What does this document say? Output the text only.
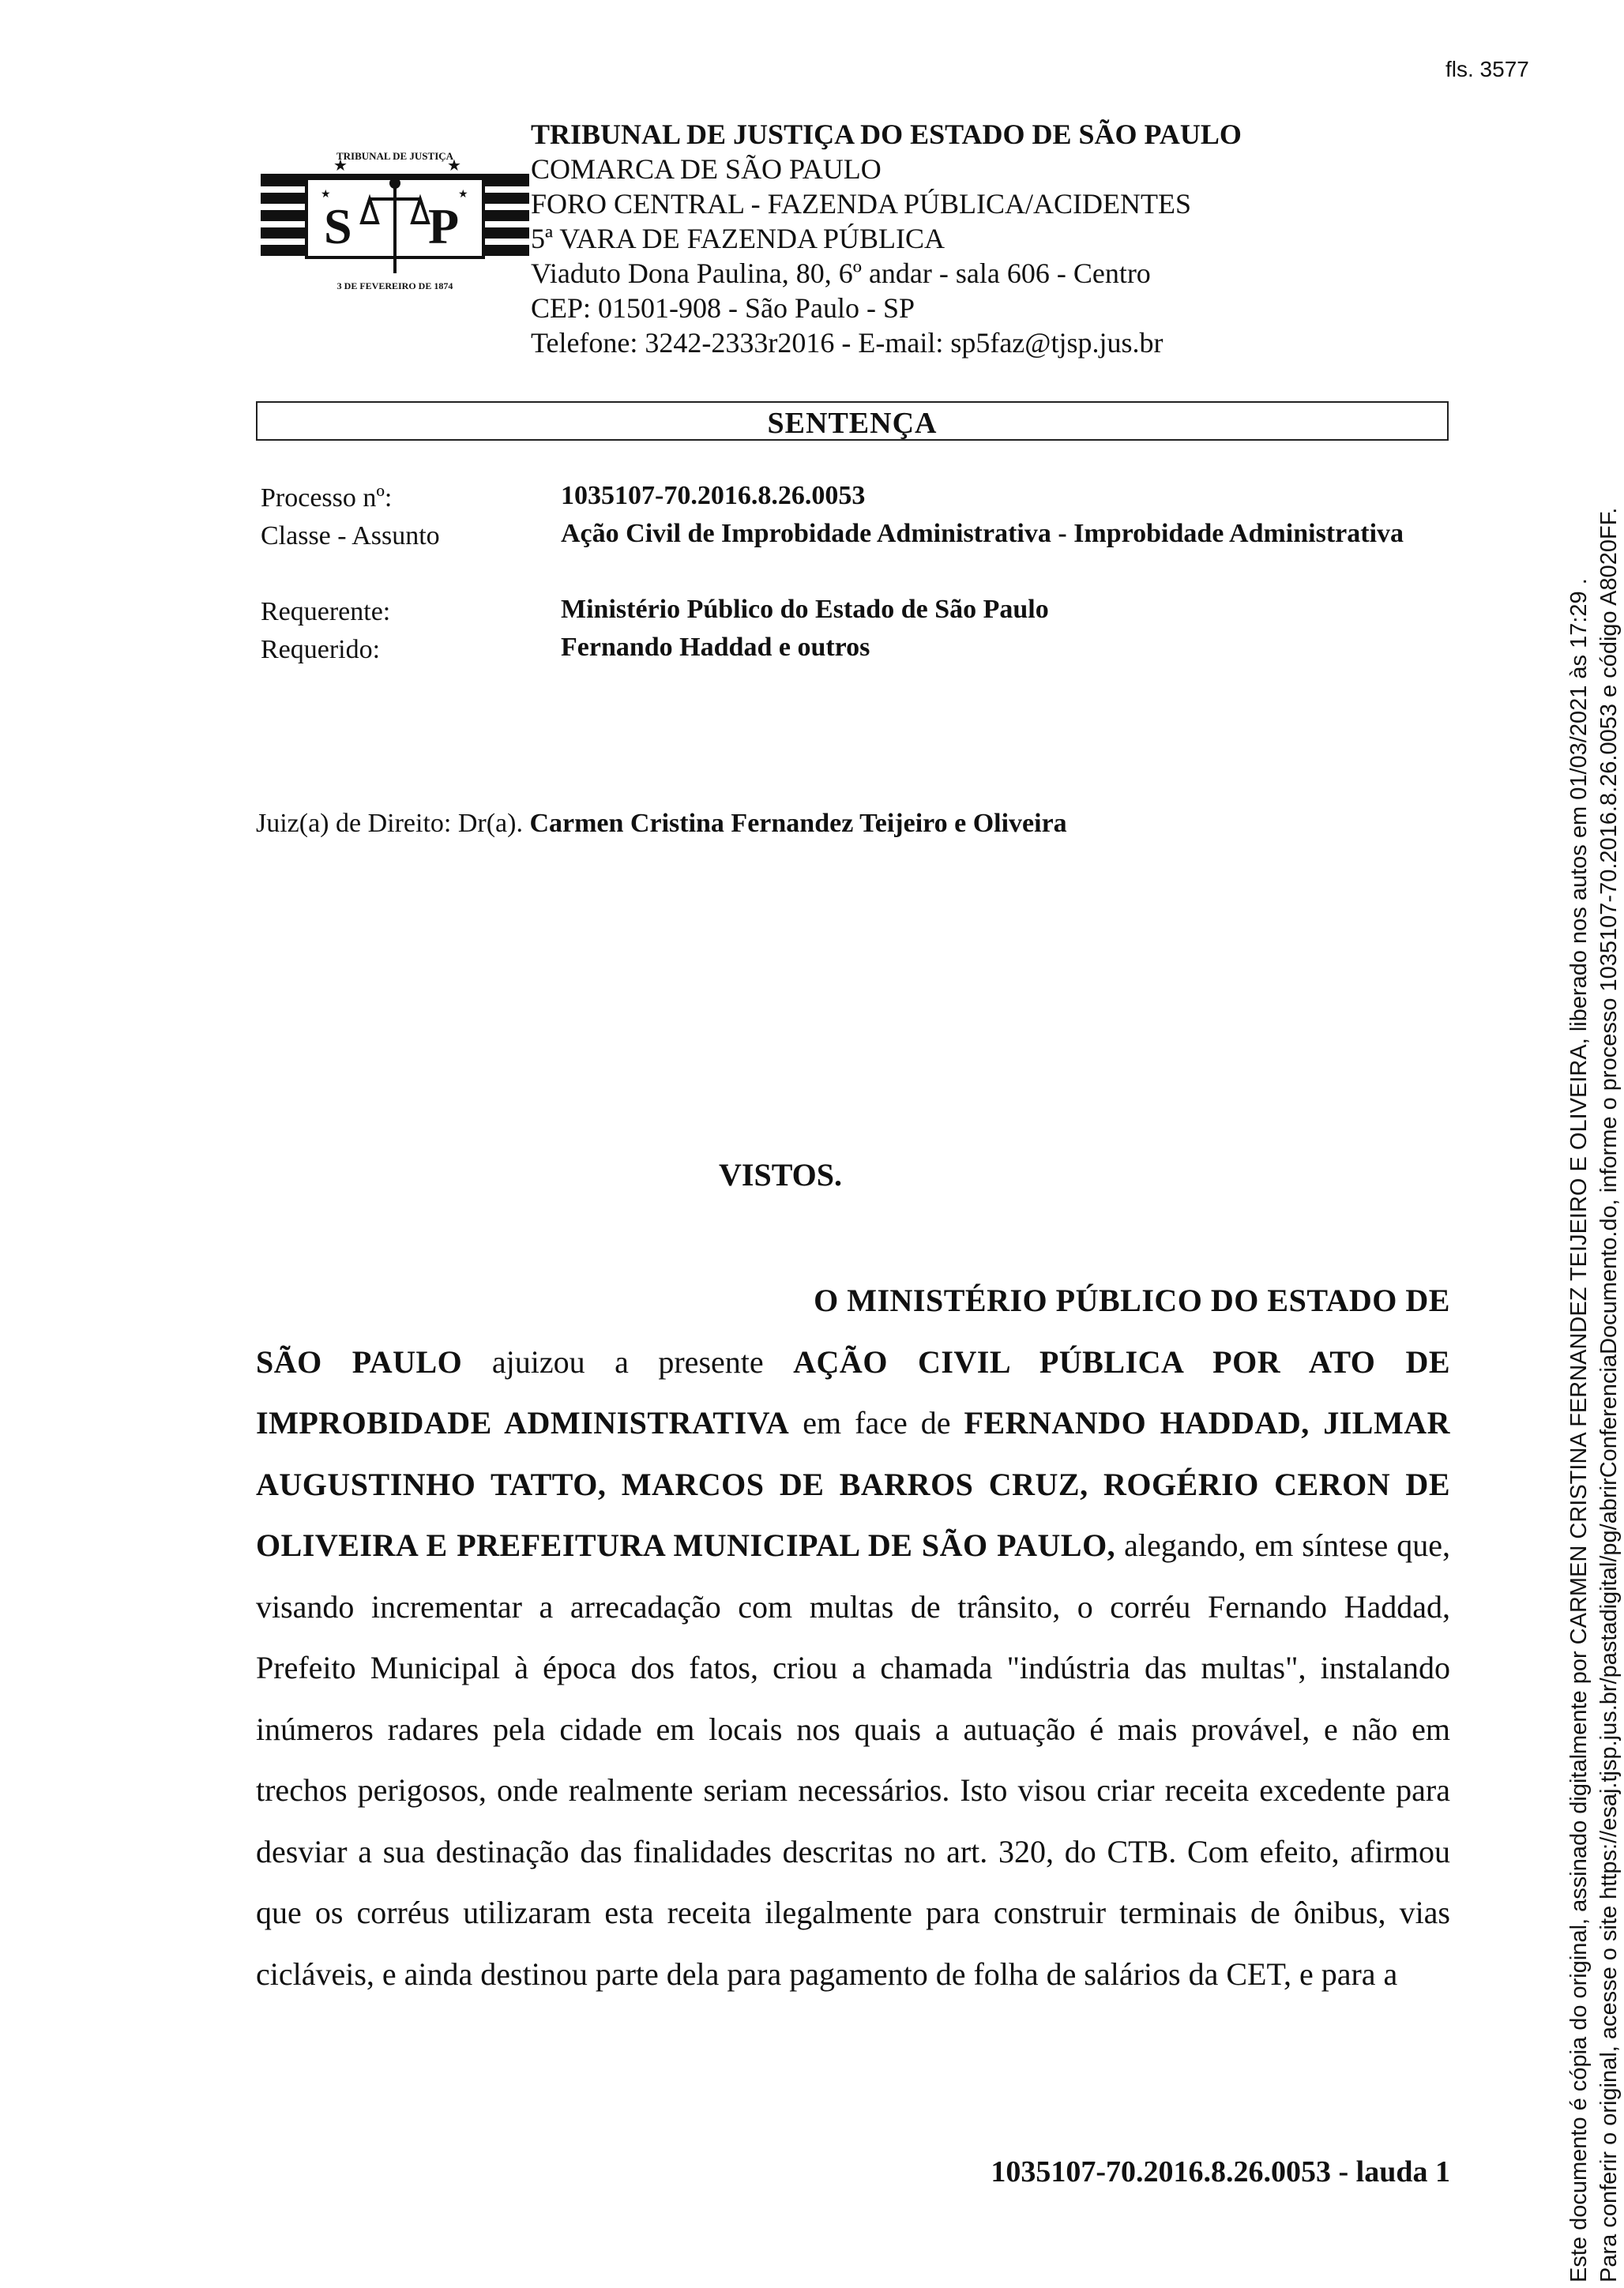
fls. 3577
TRIBUNAL DE JUSTIÇA
★	★
★	★
S P
3 DE FEVEREIRO DE 1874
TRIBUNAL DE JUSTIÇA DO ESTADO DE SÃO PAULO
COMARCA DE SÃO PAULO
FORO CENTRAL - FAZENDA PÚBLICA/ACIDENTES
5ª VARA DE FAZENDA PÚBLICA
Viaduto Dona Paulina, 80, 6º andar - sala 606 - Centro
CEP: 01501-908 - São Paulo - SP
Telefone: 3242-2333r2016 - E-mail: sp5faz@tjsp.jus.br
SENTENÇA
Processo nº:	1035107-70.2016.8.26.0053
Classe - Assunto	Ação Civil de Improbidade Administrativa - Improbidade Administrativa
Requerente:	Ministério Público do Estado de São Paulo
Requerido:	Fernando Haddad e outros
Juiz(a) de Direito: Dr(a). Carmen Cristina Fernandez Teijeiro e Oliveira
VISTOS.
O MINISTÉRIO PÚBLICO DO ESTADO DE
SÃO PAULO ajuizou a presente AÇÃO CIVIL PÚBLICA POR ATO DE IMPROBIDADE ADMINISTRATIVA em face de FERNANDO HADDAD, JILMAR AUGUSTINHO TATTO, MARCOS DE BARROS CRUZ, ROGÉRIO CERON DE OLIVEIRA E PREFEITURA MUNICIPAL DE SÃO PAULO, alegando, em síntese que, visando incrementar a arrecadação com multas de trânsito, o corréu Fernando Haddad, Prefeito Municipal à época dos fatos, criou a chamada "indústria das multas", instalando inúmeros radares pela cidade em locais nos quais a autuação é mais provável, e não em trechos perigosos, onde realmente seriam necessários. Isto visou criar receita excedente para desviar a sua destinação das finalidades descritas no art. 320, do CTB. Com efeito, afirmou que os corréus utilizaram esta receita ilegalmente para construir terminais de ônibus, vias cicláveis, e ainda destinou parte dela para pagamento de folha de salários da CET, e para a
1035107-70.2016.8.26.0053 - laud​a 1	Este documento é cópia do original, assinado digitalmente por CARMEN CRISTINA FERNANDEZ TEIJEIRO E OLIVEIRA, liberado nos autos em 01/03/2021 às 17:29 . Para conferir o original, acesse o site https://esaj.tjsp.jus.br/pastadigital/pg/abrirConferenciaDocumento.do, informe o processo 1035107-70.2016.8.26.0053 e código A8020FF.
